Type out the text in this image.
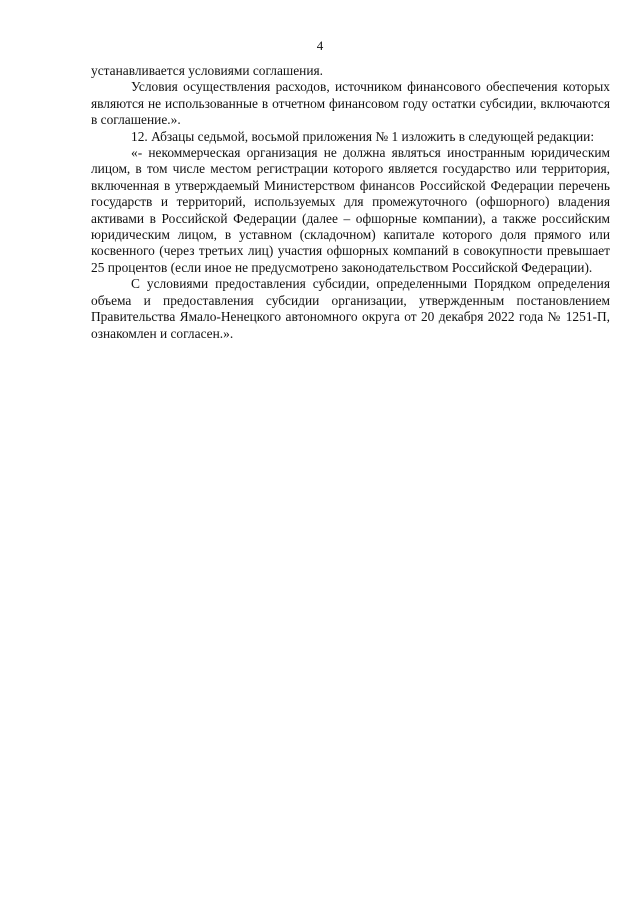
4

устанавливается условиями соглашения.

Условия осуществления расходов, источником финансового обеспечения которых являются не использованные в отчетном финансовом году остатки субсидии, включаются в соглашение.».

12. Абзацы седьмой, восьмой приложения № 1 изложить в следующей редакции:

«- некоммерческая организация не должна являться иностранным юридическим лицом, в том числе местом регистрации которого является государство или территория, включенная в утверждаемый Министерством финансов Российской Федерации перечень государств и территорий, используемых для промежуточного (офшорного) владения активами в Российской Федерации (далее – офшорные компании), а также российским юридическим лицом, в уставном (складочном) капитале которого доля прямого или косвенного (через третьих лиц) участия офшорных компаний в совокупности превышает 25 процентов (если иное не предусмотрено законодательством Российской Федерации).

С условиями предоставления субсидии, определенными Порядком определения объема и предоставления субсидии организации, утвержденным постановлением Правительства Ямало-Ненецкого автономного округа от 20 декабря 2022 года № 1251-П, ознакомлен и согласен.».
